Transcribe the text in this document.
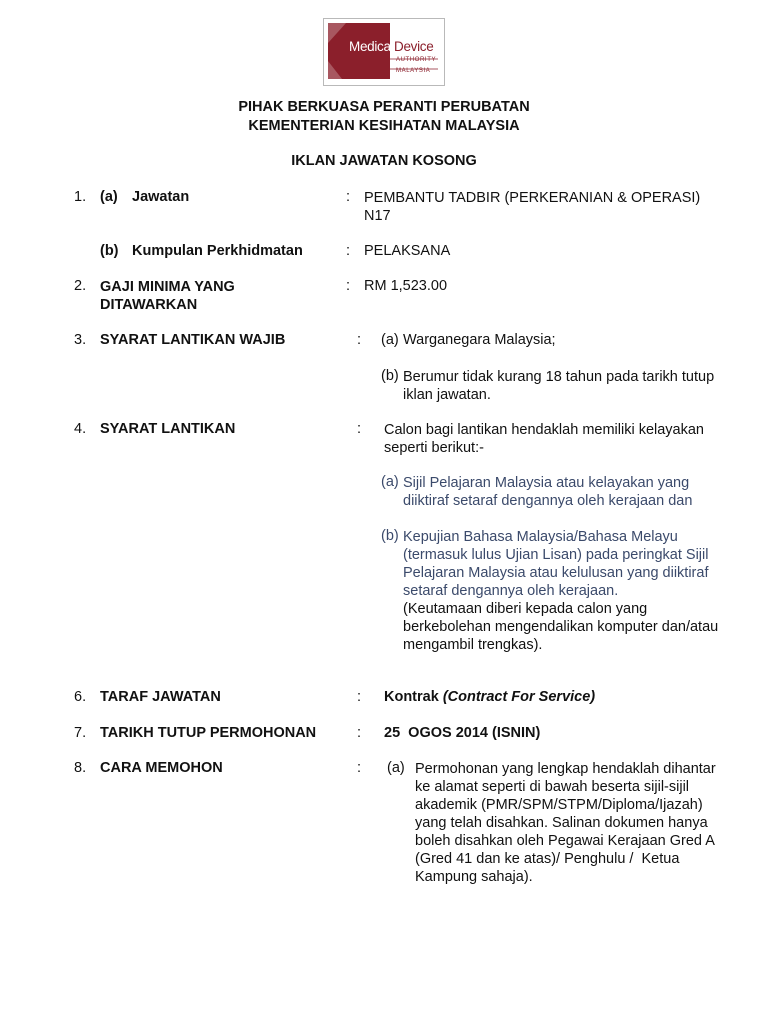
Medical Device
AUTHORITY
MALAYSIA
PIHAK BERKUASA PERANTI PERUBATAN
KEMENTERIAN KESIHATAN MALAYSIA
IKLAN JAWATAN KOSONG
1. (a) Jawatan	: PEMBANTU TADBIR (PERKERANIAN & OPERASI)
N17
(b) Kumpulan Perkhidmatan	: PELAKSANA
2. GAJI MINIMA YANG
DITAWARKAN
: RM 1,523.00
3. SYARAT LANTIKAN WAJIB	: (a) Warganegara Malaysia;
(b) Berumur tidak kurang 18 tahun pada tarikh tutup
iklan jawatan.
4. SYARAT LANTIKAN	: Calon bagi lantikan hendaklah memiliki kelayakan
seperti berikut:-
(a) Sijil Pelajaran Malaysia atau kelayakan yang
diiktiraf setaraf dengannya oleh kerajaan dan
(b) Kepujian Bahasa Malaysia/Bahasa Melayu
(termasuk lulus Ujian Lisan) pada peringkat Sijil
Pelajaran Malaysia atau kelulusan yang diiktiraf
setaraf dengannya oleh kerajaan.
(Keutamaan diberi kepada calon yang
berkebolehan mengendalikan komputer dan/atau
mengambil trengkas).
6. TARAF JAWATAN	: Kontrak (Contract For Service)
7. TARIKH TUTUP PERMOHONAN	: 25  OGOS 2014 (ISNIN)
8. CARA MEMOHON	: (a) Permohonan yang lengkap hendaklah dihantar
ke alamat seperti di bawah beserta sijil-sijil
akademik (PMR/SPM/STPM/Diploma/Ijazah)
yang telah disahkan. Salinan dokumen hanya
boleh disahkan oleh Pegawai Kerajaan Gred A
(Gred 41 dan ke atas)/ Penghulu /  Ketua
Kampung sahaja).
